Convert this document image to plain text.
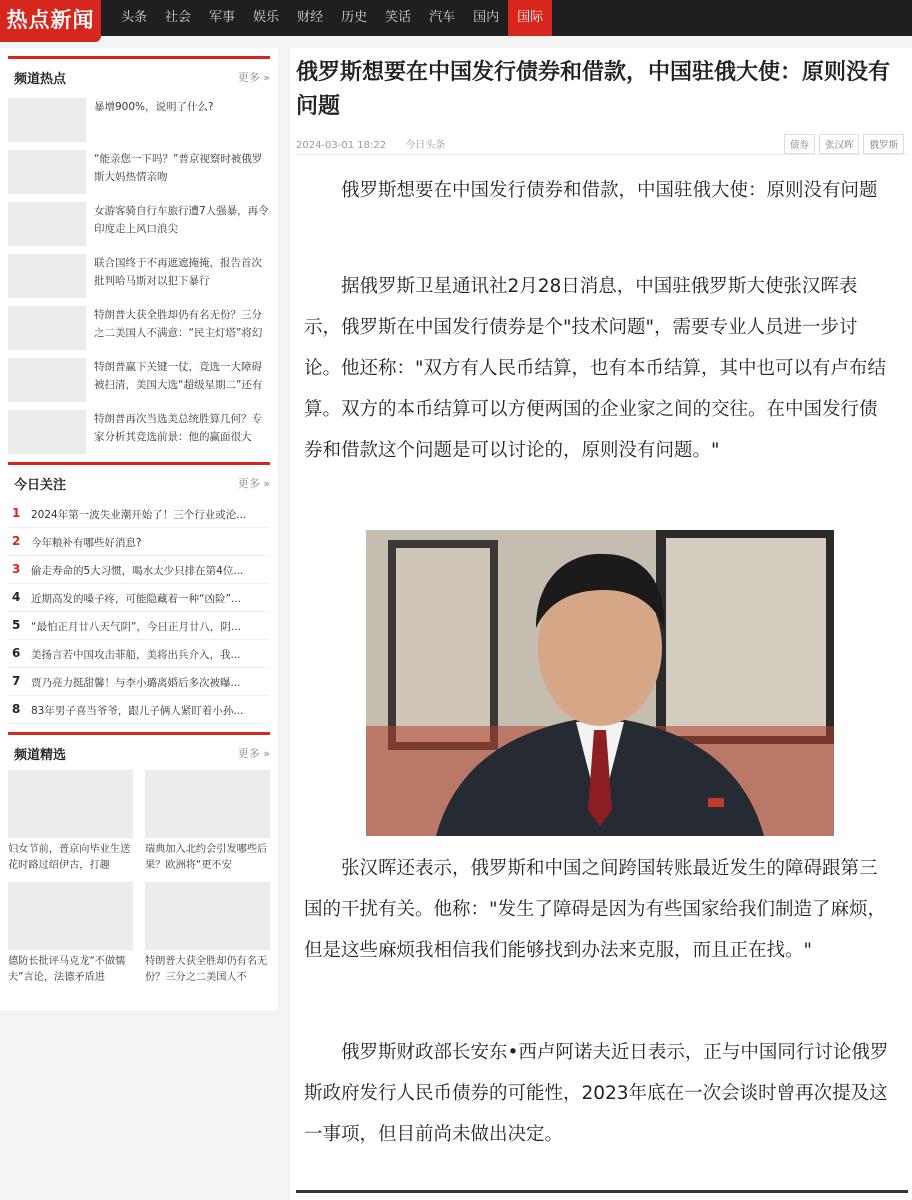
头条	社会	军事	娱乐	财经	历史	笑话	汽车	国内	国际
热点新闻
频道热点	更多 »
暴增900%，说明了什么?
“能亲您一下吗？”普京视察时被俄罗斯大妈热情亲吻
女游客骑自行车旅行遭7人强暴，再令印度走上风口浪尖
联合国终于不再遮遮掩掩，报告首次批判哈马斯对以犯下暴行
特朗普大获全胜却仍有名无份？三分之二美国人不满意：“民主灯塔”将幻
特朗普赢下关键一仗，竞选一大障碍被扫清，美国大选“超级星期二”还有
特朗普再次当选美总统胜算几何？专家分析其竞选前景：他的赢面很大
今日关注	更多 »
1	2024年第一波失业潮开始了！三个行业或沦...
2	今年粮补有哪些好消息?
3	偷走寿命的5大习惯，喝水太少只排在第4位...
4	近期高发的嗓子疼，可能隐藏着一种“凶险”...
5	“最怕正月廿八天气阴”，今日正月廿八，阴...
6	美扬言若中国攻击菲船，美将出兵介入，我...
7	贾乃亮力挺甜馨！与李小璐离婚后多次被曝...
8	83年男子喜当爷爷，跟儿子俩人紧盯着小孙...
频道精选	更多 »
妇女节前，普京向毕业生送花时路过绍伊古，打趣
瑞典加入北约会引发哪些后果？欧洲将“更不安
德防长批评马克龙“不做懦夫”言论，法德矛盾进
特朗普大获全胜却仍有名无份？三分之二美国人不
俄罗斯想要在中国发行债券和借款，中国驻俄大使：原则没有问题
2024-03-01 18:22 今日头条	债券	张汉晖	俄罗斯

俄罗斯想要在中国发行债券和借款，中国驻俄大使：原则没有问题

据俄罗斯卫星通讯社2月28日消息，中国驻俄罗斯大使张汉晖表示，俄罗斯在中国发行债券是个"技术问题"，需要专业人员进一步讨论。他还称："双方有人民币结算，也有本币结算，其中也可以有卢布结算。双方的本币结算可以方便两国的企业家之间的交往。在中国发行债券和借款这个问题是可以讨论的，原则没有问题。"

张汉晖还表示，俄罗斯和中国之间跨国转账最近发生的障碍跟第三国的干扰有关。他称："发生了障碍是因为有些国家给我们制造了麻烦，但是这些麻烦我相信我们能够找到办法来克服，而且正在找。"

俄罗斯财政部长安东•西卢阿诺夫近日表示，正与中国同行讨论俄罗斯政府发行人民币债券的可能性，2023年底在一次会谈时曾再次提及这一事项，但目前尚未做出决定。
